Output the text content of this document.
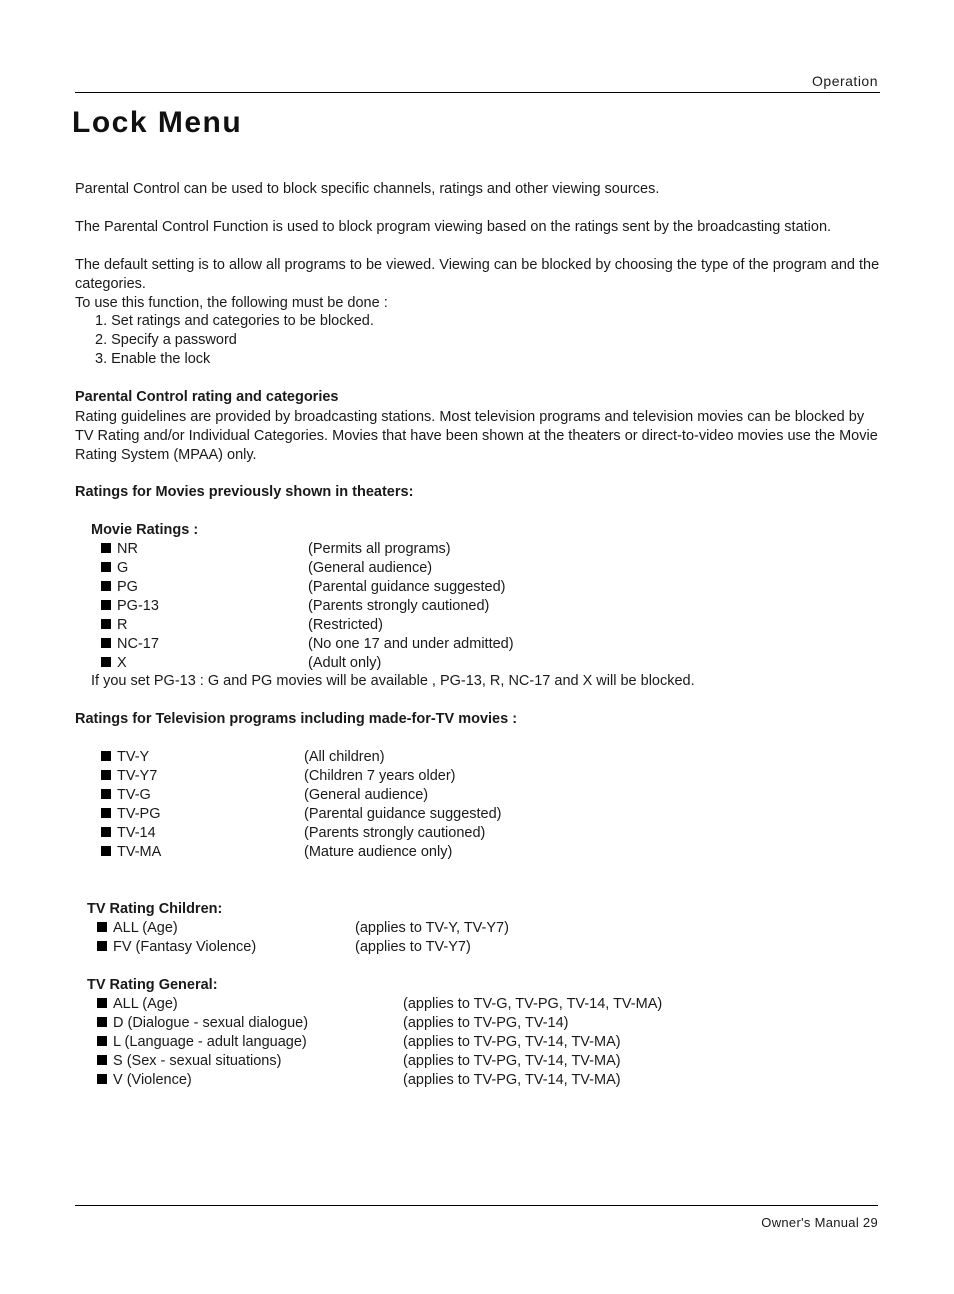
Operation
Lock Menu
Parental Control can be used to block specific channels, ratings and other viewing sources.
The Parental Control Function is used to block program viewing based on the ratings sent by the broadcasting station.
The default setting is to allow all programs to be viewed. Viewing can be blocked by choosing the type of the program and the categories.
To use this function, the following must be done :
1. Set ratings and categories to be blocked.
2. Specify a password
3. Enable the lock
Parental Control rating and categories
Rating guidelines are provided by broadcasting stations. Most television programs and television movies can be blocked by TV Rating and/or Individual Categories. Movies that have been shown at the theaters or direct-to-video movies use the Movie Rating System (MPAA) only.
Ratings for Movies previously shown in theaters:
Movie Ratings :
NR	(Permits all programs)
G	(General audience)
PG	(Parental guidance suggested)
PG-13	(Parents strongly cautioned)
R	(Restricted)
NC-17	(No one 17 and under admitted)
X	(Adult only)
If you set PG-13 : G and PG movies will be available , PG-13, R, NC-17 and X will be blocked.
Ratings for Television programs including made-for-TV movies :
TV-Y	(All children)
TV-Y7	(Children 7 years older)
TV-G	(General audience)
TV-PG	(Parental guidance suggested)
TV-14	(Parents strongly cautioned)
TV-MA	(Mature audience only)
TV Rating Children:
ALL (Age)	(applies to TV-Y, TV-Y7)
FV (Fantasy Violence)	(applies to TV-Y7)
TV Rating General:
ALL (Age)	(applies to TV-G, TV-PG, TV-14, TV-MA)
D (Dialogue - sexual dialogue)	(applies to TV-PG, TV-14)
L (Language - adult language)	(applies to TV-PG, TV-14, TV-MA)
S (Sex - sexual situations)	(applies to TV-PG, TV-14, TV-MA)
V (Violence)	(applies to TV-PG, TV-14, TV-MA)
Owner's Manual 29
